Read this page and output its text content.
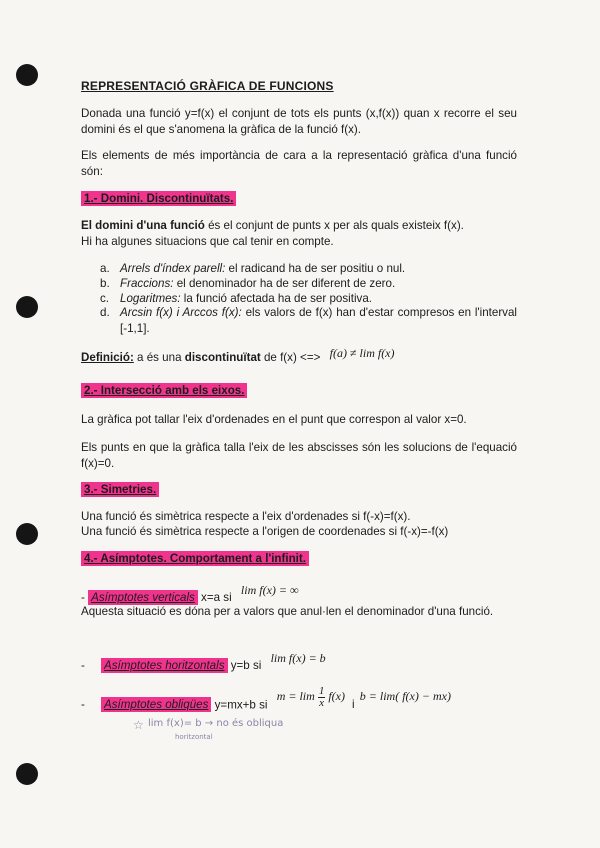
REPRESENTACIÓ GRÀFICA DE FUNCIONS
Donada una funció y=f(x) el conjunt de tots els punts (x,f(x)) quan x recorre el seu domini és el que s'anomena la gràfica de la funció f(x).
Els elements de més importància de cara a la representació gràfica d'una funció són:
1.- Domini. Discontinuïtats.
El domini d'una funció és el conjunt de punts x per als quals existeix f(x).
Hi ha algunes situacions que cal tenir en compte.
a. Arrels d'índex parell: el radicand ha de ser positiu o nul.
b. Fraccions: el denominador ha de ser diferent de zero.
c. Logaritmes: la funció afectada ha de ser positiva.
d. Arcsin f(x) i Arccos f(x): els valors de f(x) han d'estar compresos en l'interval [-1,1].
Definició: a és una discontinuïtat de f(x) <=> f(a) ≠ lim f(x)
2.- Intersecció amb els eixos.
La gràfica pot tallar l'eix d'ordenades en el punt que correspon al valor x=0.
Els punts en que la gràfica talla l'eix de les abscisses són les solucions de l'equació f(x)=0.
3.- Simetries.
Una funció és simètrica respecte a l'eix d'ordenades si f(-x)=f(x).
Una funció és simètrica respecte a l'origen de coordenades si f(-x)=-f(x)
4.- Asímptotes. Comportament a l'infinit.
- Asímptotes verticals x=a si lim f(x) = ∞
Aquesta situació es dóna per a valors que anul·len el denominador d'una funció.
- Asímptotes horitzontals y=b si lim f(x) = b
- Asímptotes obliqües y=mx+b si $m = \lim \frac{1}{x} f(x)$ i b = lim( f(x) − mx)
☆ lim f(x)= b → no és obliqua
horitzontal
